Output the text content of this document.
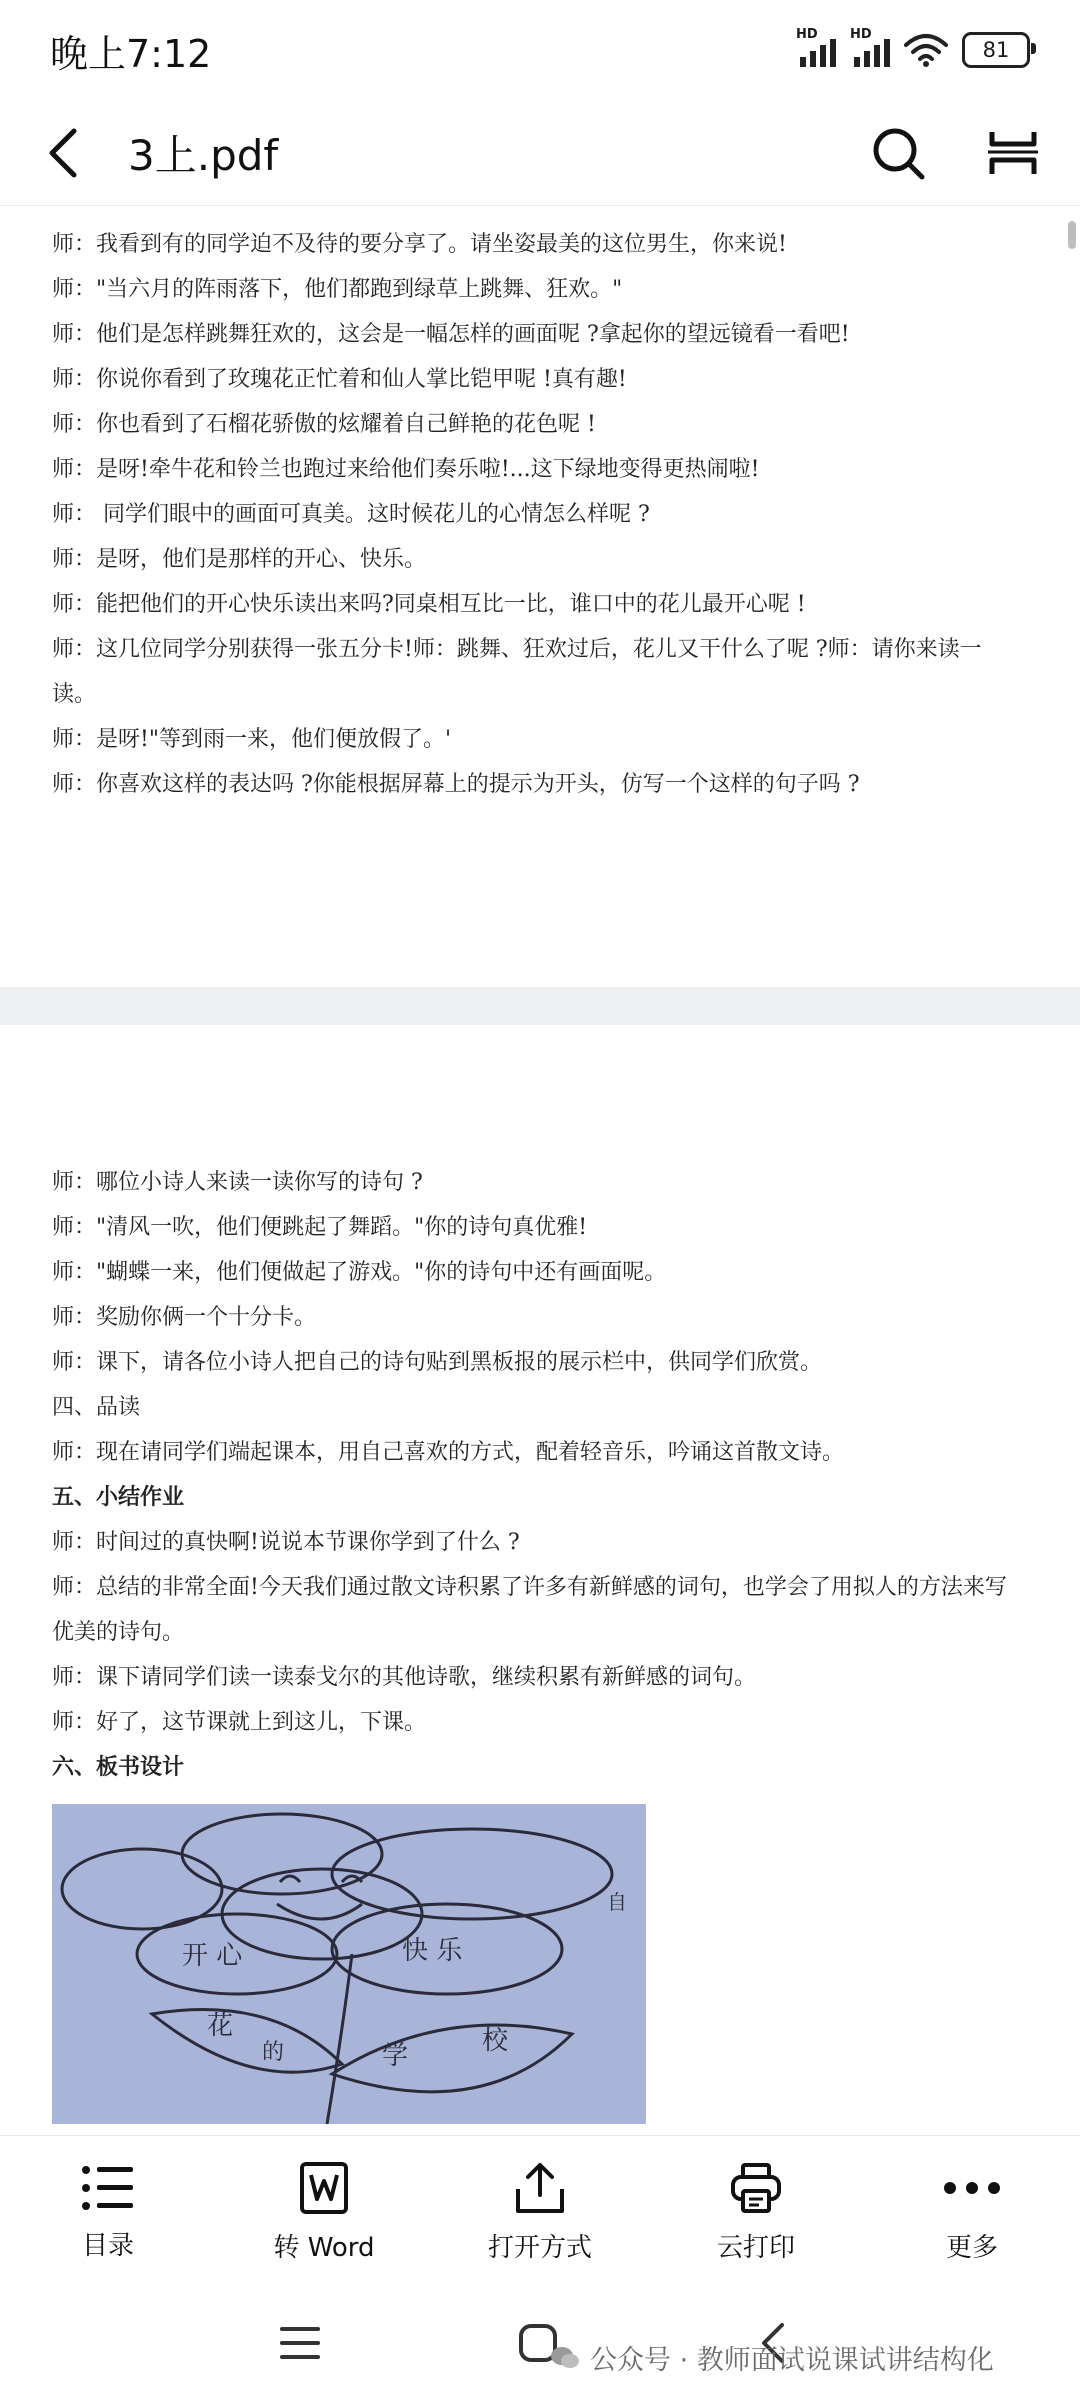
晚上7:12	HD HD
81
3上.pdf
师：我看到有的同学迫不及待的要分享了。请坐姿最美的这位男生，你来说!
师："当六月的阵雨落下，他们都跑到绿草上跳舞、狂欢。"
师：他们是怎样跳舞狂欢的，这会是一幅怎样的画面呢 ?拿起你的望远镜看一看吧!
师：你说你看到了玫瑰花正忙着和仙人掌比铠甲呢 !真有趣!
师：你也看到了石榴花骄傲的炫耀着自己鲜艳的花色呢 !
师：是呀!牵牛花和铃兰也跑过来给他们奏乐啦!...这下绿地变得更热闹啦!
师： 同学们眼中的画面可真美。这时候花儿的心情怎么样呢 ?
师：是呀，他们是那样的开心、快乐。
师：能把他们的开心快乐读出来吗?同桌相互比一比，谁口中的花儿最开心呢 !
师：这几位同学分别获得一张五分卡!师：跳舞、狂欢过后，花儿又干什么了呢 ?师：请你来读一读。
师：是呀!"等到雨一来，他们便放假了。'
师：你喜欢这样的表达吗 ?你能根据屏幕上的提示为开头，仿写一个这样的句子吗 ?
师：哪位小诗人来读一读你写的诗句 ?
师："清风一吹，他们便跳起了舞蹈。"你的诗句真优雅!
师："蝴蝶一来，他们便做起了游戏。"你的诗句中还有画面呢。
师：奖励你俩一个十分卡。
师：课下，请各位小诗人把自己的诗句贴到黑板报的展示栏中，供同学们欣赏。
四、品读
师：现在请同学们端起课本，用自己喜欢的方式，配着轻音乐，吟诵这首散文诗。
五、小结作业
师：时间过的真快啊!说说本节课你学到了什么 ?
师：总结的非常全面!今天我们通过散文诗积累了许多有新鲜感的词句，也学会了用拟人的方法来写优美的诗句。
师：课下请同学们读一读泰戈尔的其他诗歌，继续积累有新鲜感的词句。
师：好了，这节课就上到这儿，下课。
六、板书设计
开 心	快 乐
花
的	学	校
自
目录	转 Word	打开方式	云打印	更多
公众号 · 教师面试说课试讲结构化
